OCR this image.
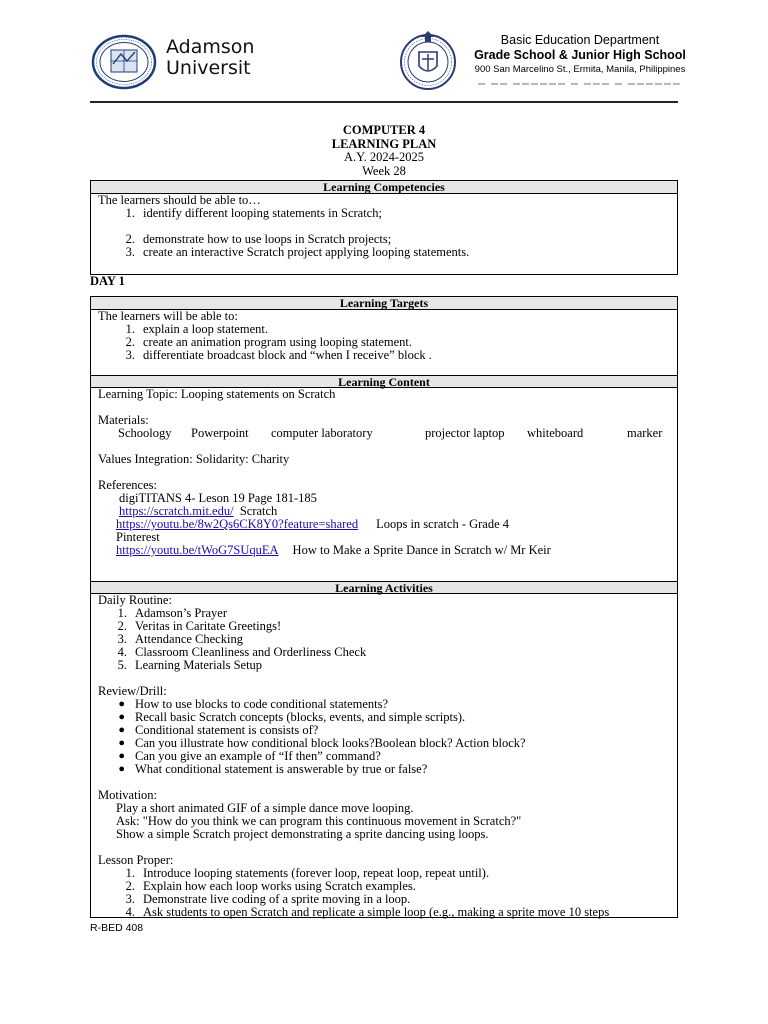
Adamson
Universit
Basic Education Department
Grade School & Junior High School
900 San Marcelino St., Ermita, Manila, Philippines
▬ ▬▬ ▬▬▬▬▬▬ ▬ ▬▬▬ ▬ ▬▬▬▬▬▬
COMPUTER 4
LEARNING PLAN
A.Y. 2024-2025
Week 28
Learning Competencies
The learners should be able to…
1. identify different looping statements in Scratch;
2. demonstrate how to use loops in Scratch projects;
3. create an interactive Scratch project applying looping statements.
DAY 1
Learning Targets
The learners will be able to:
1. explain a loop statement.
2. create an animation program using looping statement.
3. differentiate broadcast block and “when I receive” block .
Learning Content
Learning Topic: Looping statements on Scratch
Materials:
Schoology	Powerpoint	computer laboratory	projector laptop	whiteboard	marker
Values Integration: Solidarity: Charity
References:
digiTITANS 4- Leson 19 Page 181-185
https://scratch.mit.edu/ Scratch
https://youtu.be/8w2Qs6CK8Y0?feature=shared Loops in scratch - Grade 4
Pinterest
https://youtu.be/tWoG7SUquEA How to Make a Sprite Dance in Scratch w/ Mr Keir
Learning Activities
Daily Routine:
1. Adamson’s Prayer
2. Veritas in Caritate Greetings!
3. Attendance Checking
4. Classroom Cleanliness and Orderliness Check
5. Learning Materials Setup
Review/Drill:
● How to use blocks to code conditional statements?
● Recall basic Scratch concepts (blocks, events, and simple scripts).
● Conditional statement is consists of?
● Can you illustrate how conditional block looks?Boolean block? Action block?
● Can you give an example of “If then” command?
● What conditional statement is answerable by true or false?
Motivation:
Play a short animated GIF of a simple dance move looping.
Ask: "How do you think we can program this continuous movement in Scratch?"
Show a simple Scratch project demonstrating a sprite dancing using loops.
Lesson Proper:
1. Introduce looping statements (forever loop, repeat loop, repeat until).
2. Explain how each loop works using Scratch examples.
3. Demonstrate live coding of a sprite moving in a loop.
4. Ask students to open Scratch and replicate a simple loop (e.g., making a sprite move 10 steps
R-BED 408
